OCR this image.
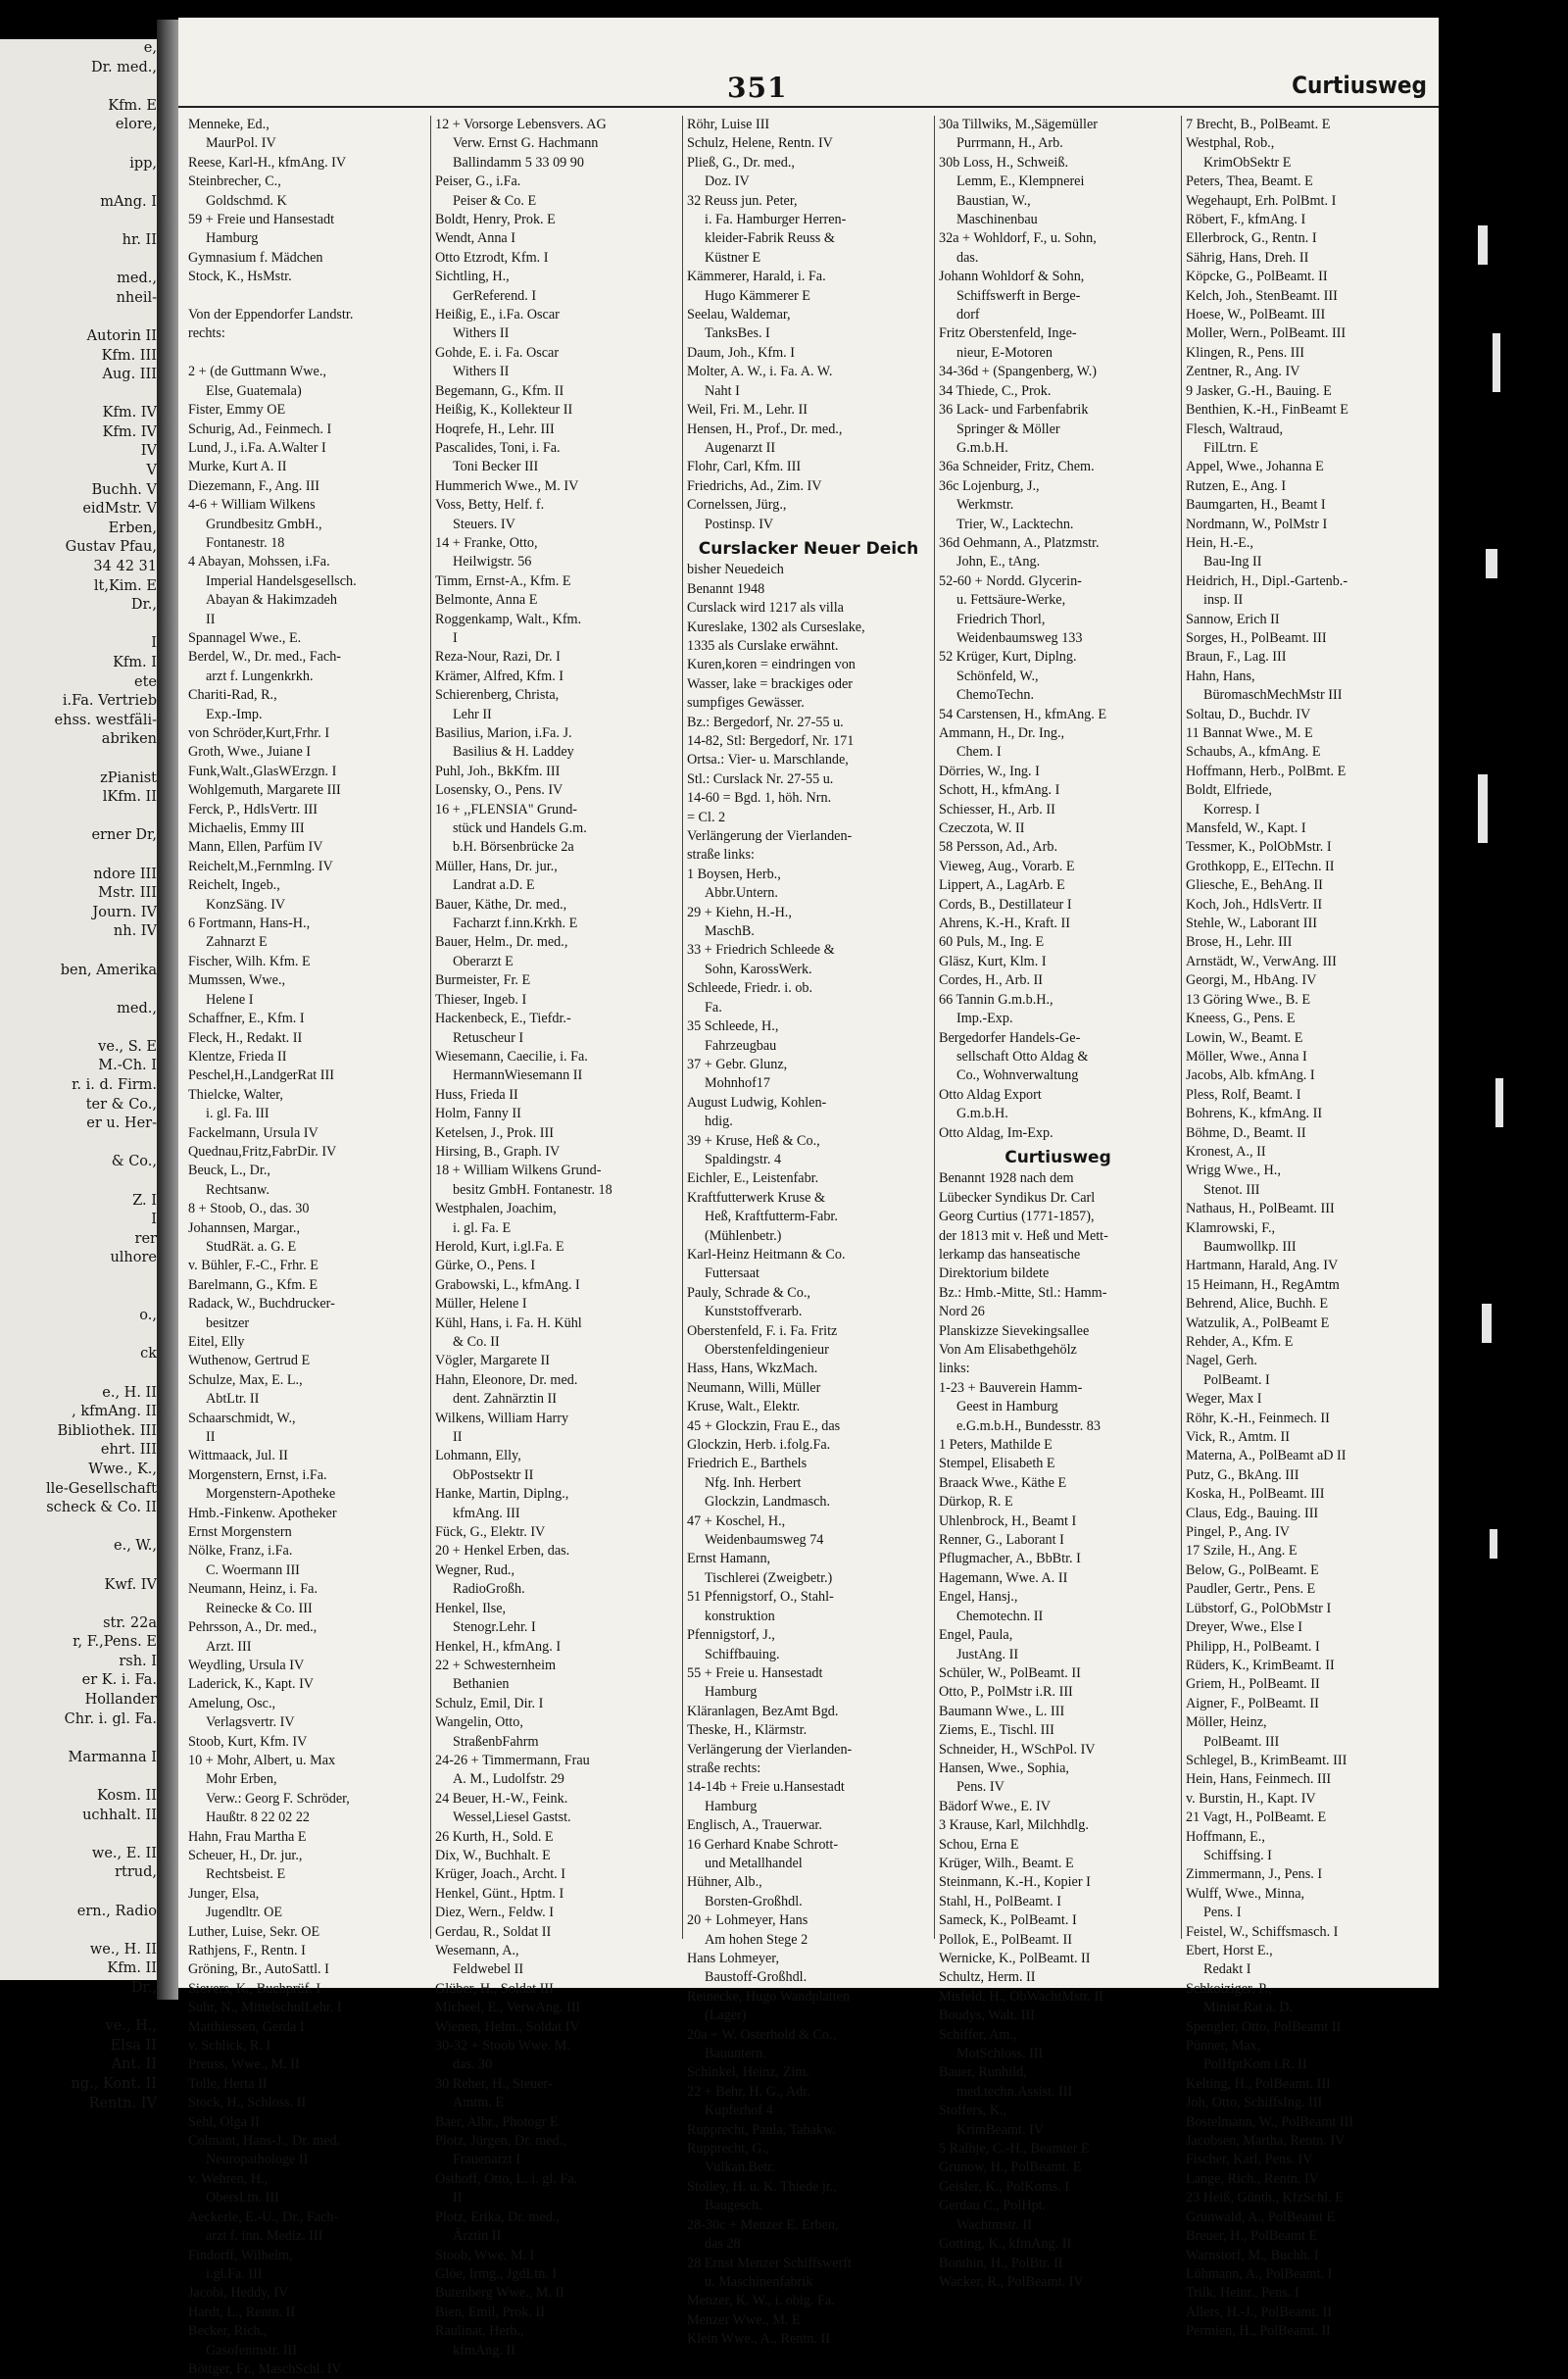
e,
Dr. med.,

Kfm. E
elore,

ipp,

mAng. I

hr. II

med.,
nheil-

Autorin II
Kfm. III
Aug. III

Kfm. IV
Kfm. IV
IV
V
Buchh. V
eidMstr. V
Erben,
Gustav Pfau,
34 42 31
lt,Kim. E
Dr.,

I
Kfm. I
ete
i.Fa. Vertrieb
ehss. westfäli-
abriken

zPianist
lKfm. II

erner Dr,

ndore III
Mstr. III
Journ. IV
nh. IV

ben, Amerika

med.,

ve., S. E
M.-Ch. I
r. i. d. Firm.
ter & Co.,
er u. Her-

& Co.,

Z. I
I
rer
ulhore

o.,

ck

e., H. II
, kfmAng. II
Bibliothek. III
ehrt. III
Wwe., K.,
lle-Gesellschaft
scheck & Co. II

e., W.,

Kwf. IV

str. 22a
r, F.,Pens. E
rsh. I
er K. i. Fa.
Hollander
Chr. i. gl. Fa.

Marmanna I

Kosm. II
uchhalt. II

we., E. II
rtrud,

ern., Radio

we., H. II
Kfm. II
Dr.,

ve., H.,
Elsa II
Ant. II
ng., Kont. II
Rentn. IV
351	Curtiusweg
Menneke, Ed.,
MaurPol. IV
Reese, Karl-H., kfmAng. IV
Steinbrecher, C.,
Goldschmd. K
59 + Freie und Hansestadt
Hamburg
Gymnasium f. Mädchen
Stock, K., HsMstr.

Von der Eppendorfer Landstr.
rechts:

2 + (de Guttmann Wwe.,
Else, Guatemala)
Fister, Emmy OE
Schurig, Ad., Feinmech. I
Lund, J., i.Fa. A.Walter I
Murke, Kurt A. II
Diezemann, F., Ang. III
4-6 + William Wilkens
Grundbesitz GmbH.,
Fontanestr. 18
4 Abayan, Mohssen, i.Fa.
Imperial Handelsgesellsch.
Abayan & Hakimzadeh
II
Spannagel Wwe., E.
Berdel, W., Dr. med., Fach-
arzt f. Lungenkrkh.
Chariti-Rad, R.,
Exp.-Imp.
von Schröder,Kurt,Frhr. I
Groth, Wwe., Juiane I
Funk,Walt.,GlasWErzgn. I
Wohlgemuth, Margarete III
Ferck, P., HdlsVertr. III
Michaelis, Emmy III
Mann, Ellen, Parfüm IV
Reichelt,M.,Fernmlng. IV
Reichelt, Ingeb.,
KonzSäng. IV
6 Fortmann, Hans-H.,
Zahnarzt E
Fischer, Wilh. Kfm. E
Mumssen, Wwe.,
Helene I
Schaffner, E., Kfm. I
Fleck, H., Redakt. II
Klentze, Frieda II
Peschel,H.,LandgerRat III
Thielcke, Walter,
i. gl. Fa. III
Fackelmann, Ursula IV
Quednau,Fritz,FabrDir. IV
Beuck, L., Dr.,
Rechtsanw.
8 + Stoob, O., das. 30
Johannsen, Margar.,
StudRät. a. G. E
v. Bühler, F.-C., Frhr. E
Barelmann, G., Kfm. E
Radack, W., Buchdrucker-
besitzer
Eitel, Elly
Wuthenow, Gertrud E
Schulze, Max, E. L.,
AbtLtr. II
Schaarschmidt, W.,
II
Wittmaack, Jul. II
Morgenstern, Ernst, i.Fa.
Morgenstern-Apotheke
Hmb.-Finkenw. Apotheker
Ernst Morgenstern
Nölke, Franz, i.Fa.
C. Woermann III
Neumann, Heinz, i. Fa.
Reinecke & Co. III
Pehrsson, A., Dr. med.,
Arzt. III
Weydling, Ursula IV
Laderick, K., Kapt. IV
Amelung, Osc.,
Verlagsvertr. IV
Stoob, Kurt, Kfm. IV
10 + Mohr, Albert, u. Max
Mohr Erben,
Verw.: Georg F. Schröder,
Haußtr. 8 22 02 22
Hahn, Frau Martha E
Scheuer, H., Dr. jur.,
Rechtsbeist. E
Junger, Elsa,
Jugendltr. OE
Luther, Luise, Sekr. OE
Rathjens, F., Rentn. I
Gröning, Br., AutoSattl. I
Sievers, K., Buchprüf. I
Suhr, N., MittelschulLehr. I
Matthiessen, Gerda I
v. Schlick, R. I
Preuss, Wwe., M. II
Tolle, Herta II
Stock, H., Schloss. II
Sehl, Olga II
Colmant, Hans-J., Dr. med.
Neuropathologe II
v. Wehren, H.,
ObersLtn. III
Aeckerle, E.-U., Dr., Fach-
arzt f. inn. Mediz. III
Findorff, Wilhelm,
i.gl.Fa. III
Jacobi, Heddy, IV
Hardt, L., Rentn. II
Becker, Rich.,
Gasofenmstr. III
Böttger, Fr., MaschSchl. IV
12 + Vorsorge Lebensvers. AG
Verw. Ernst G. Hachmann
Ballindamm 5 33 09 90
Peiser, G., i.Fa.
Peiser & Co. E
Boldt, Henry, Prok. E
Wendt, Anna I
Otto Etzrodt, Kfm. I
Sichtling, H.,
GerReferend. I
Heißig, E., i.Fa. Oscar
Withers II
Gohde, E. i. Fa. Oscar
Withers II
Begemann, G., Kfm. II
Heißig, K., Kollekteur II
Hoqrefe, H., Lehr. III
Pascalides, Toni, i. Fa.
Toni Becker III
Hummerich Wwe., M. IV
Voss, Betty, Helf. f.
Steuers. IV
14 + Franke, Otto,
Heilwigstr. 56
Timm, Ernst-A., Kfm. E
Belmonte, Anna E
Roggenkamp, Walt., Kfm.
I
Reza-Nour, Razi, Dr. I
Krämer, Alfred, Kfm. I
Schierenberg, Christa,
Lehr II
Basilius, Marion, i.Fa. J.
Basilius & H. Laddey
Puhl, Joh., BkKfm. III
Losensky, O., Pens. IV
16 + ,,FLENSIA" Grund-
stück und Handels G.m.
b.H. Börsenbrücke 2a
Müller, Hans, Dr. jur.,
Landrat a.D. E
Bauer, Käthe, Dr. med.,
Facharzt f.inn.Krkh. E
Bauer, Helm., Dr. med.,
Oberarzt E
Burmeister, Fr. E
Thieser, Ingeb. I
Hackenbeck, E., Tiefdr.-
Retuscheur I
Wiesemann, Caecilie, i. Fa.
HermannWiesemann II
Huss, Frieda II
Holm, Fanny II
Ketelsen, J., Prok. III
Hirsing, B., Graph. IV
18 + William Wilkens Grund-
besitz GmbH. Fontanestr. 18
Westphalen, Joachim,
i. gl. Fa. E
Herold, Kurt, i.gl.Fa. E
Gürke, O., Pens. I
Grabowski, L., kfmAng. I
Müller, Helene I
Kühl, Hans, i. Fa. H. Kühl
& Co. II
Vögler, Margarete II
Hahn, Eleonore, Dr. med.
dent. Zahnärztin II
Wilkens, William Harry
II
Lohmann, Elly,
ObPostsektr II
Hanke, Martin, Diplng.,
kfmAng. III
Fück, G., Elektr. IV
20 + Henkel Erben, das.
Wegner, Rud.,
RadioGroßh.
Henkel, Ilse,
Stenogr.Lehr. I
Henkel, H., kfmAng. I
22 + Schwesternheim
Bethanien
Schulz, Emil, Dir. I
Wangelin, Otto,
StraßenbFahrm
24-26 + Timmermann, Frau
A. M., Ludolfstr. 29
24 Beuer, H.-W., Feink.
Wessel,Liesel Gastst.
26 Kurth, H., Sold. E
Dix, W., Buchhalt. E
Krüger, Joach., Archt. I
Henkel, Günt., Hptm. I
Diez, Wern., Feldw. I
Gerdau, R., Soldat II
Wesemann, A.,
Feldwebel II
Glüber, H., Soldat III
Micheel, E., VerwAng. III
Wienen, Helm., Soldat IV
30-32 + Stoob Wwe. M.
das. 30
30 Reher, H., Steuer-
Amtm. E
Baer, Albr., Photogr E
Plotz, Jürgen, Dr. med.,
Frauenarzt I
Osthoff, Otto, L. i. gl. Fa.
II
Plotz, Erika, Dr. med.,
Ärztin II
Stoob, Wwe. M. I
Glöe, Irmg., JgdLtn. I
Butenberg Wwe., M. II
Bien, Emil, Prok. II
Raulinat, Herb.,
kfmAng. II
Röhr, Luise III
Schulz, Helene, Rentn. IV
Pließ, G., Dr. med.,
Doz. IV
32 Reuss jun. Peter,
i. Fa. Hamburger Herren-
kleider-Fabrik Reuss &
Küstner E
Kämmerer, Harald, i. Fa.
Hugo Kämmerer E
Seelau, Waldemar,
TanksBes. I
Daum, Joh., Kfm. I
Molter, A. W., i. Fa. A. W.
Naht I
Weil, Fri. M., Lehr. II
Hensen, H., Prof., Dr. med.,
Augenarzt II
Flohr, Carl, Kfm. III
Friedrichs, Ad., Zim. IV
Cornelssen, Jürg.,
Postinsp. IV
Curslacker Neuer Deich
bisher Neuedeich
Benannt 1948
Curslack wird 1217 als villa
Kureslake, 1302 als Curseslake,
1335 als Curslake erwähnt.
Kuren,koren = eindringen von
Wasser, lake = brackiges oder
sumpfiges Gewässer.
Bz.: Bergedorf, Nr. 27-55 u.
14-82, Stl: Bergedorf, Nr. 171
Ortsa.: Vier- u. Marschlande,
Stl.: Curslack Nr. 27-55 u.
14-60 = Bgd. 1, höh. Nrn.
= Cl. 2
Verlängerung der Vierlanden-
straße links:
1 Boysen, Herb.,
Abbr.Untern.
29 + Kiehn, H.-H.,
MaschB.
33 + Friedrich Schleede &
Sohn, KarossWerk.
Schleede, Friedr. i. ob.
Fa.
35 Schleede, H.,
Fahrzeugbau
37 + Gebr. Glunz,
Mohnhof17
August Ludwig, Kohlen-
hdig.
39 + Kruse, Heß & Co.,
Spaldingstr. 4
Eichler, E., Leistenfabr.
Kraftfutterwerk Kruse &
Heß, Kraftfutterm-Fabr.
(Mühlenbetr.)
Karl-Heinz Heitmann & Co.
Futtersaat
Pauly, Schrade & Co.,
Kunststoffverarb.
Oberstenfeld, F. i. Fa. Fritz
Oberstenfeldingenieur
Hass, Hans, WkzMach.
Neumann, Willi, Müller
Kruse, Walt., Elektr.
45 + Glockzin, Frau E., das
Glockzin, Herb. i.folg.Fa.
Friedrich E., Barthels
Nfg. Inh. Herbert
Glockzin, Landmasch.
47 + Koschel, H.,
Weidenbaumsweg 74
Ernst Hamann,
Tischlerei (Zweigbetr.)
51 Pfennigstorf, O., Stahl-
konstruktion
Pfennigstorf, J.,
Schiffbauing.
55 + Freie u. Hansestadt
Hamburg
Kläranlagen, BezAmt Bgd.
Theske, H., Klärmstr.
Verlängerung der Vierlanden-
straße rechts:
14-14b + Freie u.Hansestadt
Hamburg
Englisch, A., Trauerwar.
16 Gerhard Knabe Schrott-
und Metallhandel
Hühner, Alb.,
Borsten-Großhdl.
20 + Lohmeyer, Hans
Am hohen Stege 2
Hans Lohmeyer,
Baustoff-Großhdl.
Reinecke, Hugo Wandplatten
(Lager)
20a + W. Osterhold & Co.,
Bauuntern.
Schinkel, Heinz, Zim.
22 + Behr, H. G., Adr.
Kupferhof 4
Rupprecht, Paula, Tabakw.
Rupprecht, G.,
Vulkan.Betr.
Stolley, H. u. K. Thiede jr.,
Baugesch.
28-30c + Menzer E. Erben,
das 28
28 Ernst Menzer Schiffswerft
u. Maschinenfabrik
Menzer, K. W., i. obig. Fa.
Menzer Wwe., M. E
Klein Wwe., A., Rentn. II
30a Tillwiks, M.,Sägemüller
Purrmann, H., Arb.
30b Loss, H., Schweiß.
Lemm, E., Klempnerei
Baustian, W.,
Maschinenbau
32a + Wohldorf, F., u. Sohn,
das.
Johann Wohldorf & Sohn,
Schiffswerft in Berge-
dorf
Fritz Oberstenfeld, Inge-
nieur, E-Motoren
34-36d + (Spangenberg, W.)
34 Thiede, C., Prok.
36 Lack- und Farbenfabrik
Springer & Möller
G.m.b.H.
36a Schneider, Fritz, Chem.
36c Lojenburg, J.,
Werkmstr.
Trier, W., Lacktechn.
36d Oehmann, A., Platzmstr.
John, E., tAng.
52-60 + Nordd. Glycerin-
u. Fettsäure-Werke,
Friedrich Thorl,
Weidenbaumsweg 133
52 Krüger, Kurt, Diplng.
Schönfeld, W.,
ChemoTechn.
54 Carstensen, H., kfmAng. E
Ammann, H., Dr. Ing.,
Chem. I
Dörries, W., Ing. I
Schott, H., kfmAng. I
Schiesser, H., Arb. II
Czeczota, W. II
58 Persson, Ad., Arb.
Vieweg, Aug., Vorarb. E
Lippert, A., LagArb. E
Cords, B., Destillateur I
Ahrens, K.-H., Kraft. II
60 Puls, M., Ing. E
Gläsz, Kurt, Klm. I
Cordes, H., Arb. II
66 Tannin G.m.b.H.,
Imp.-Exp.
Bergedorfer Handels-Ge-
sellschaft Otto Aldag &
Co., Wohnverwaltung
Otto Aldag Export
G.m.b.H.
Otto Aldag, Im-Exp.
Curtiusweg
Benannt 1928 nach dem
Lübecker Syndikus Dr. Carl
Georg Curtius (1771-1857),
der 1813 mit v. Heß und Mett-
lerkamp das hanseatische
Direktorium bildete
Bz.: Hmb.-Mitte, Stl.: Hamm-
Nord 26
Planskizze Sievekingsallee
Von Am Elisabethgehölz
links:
1-23 + Bauverein Hamm-
Geest in Hamburg
e.G.m.b.H., Bundesstr. 83
1 Peters, Mathilde E
Stempel, Elisabeth E
Braack Wwe., Käthe E
Dürkop, R. E
Uhlenbrock, H., Beamt I
Renner, G., Laborant I
Pflugmacher, A., BbBtr. I
Hagemann, Wwe. A. II
Engel, Hansj.,
Chemotechn. II
Engel, Paula,
JustAng. II
Schüler, W., PolBeamt. II
Otto, P., PolMstr i.R. III
Baumann Wwe., L. III
Ziems, E., Tischl. III
Schneider, H., WSchPol. IV
Hansen, Wwe., Sophia,
Pens. IV
Bädorf Wwe., E. IV
3 Krause, Karl, Milchhdlg.
Schou, Erna E
Krüger, Wilh., Beamt. E
Steinmann, K.-H., Kopier I
Stahl, H., PolBeamt. I
Sameck, K., PolBeamt. I
Pollok, E., PolBeamt. II
Wernicke, K., PolBeamt. II
Schultz, Herm. II
Misfeld, H., ObWachtMstr. II
Boudys, Walt. III
Schiffer, Am.,
MotSchloss. III
Bauer, Runhild,
med.techn.Assist. III
Stoffers, K.,
KrimBeamt. IV
5 Ralhje, C.-H., Beamter E
Grunow, H., PolBeamt. E
Geisler, K., PolKoms. I
Gerdau C., PolHpt.
Wachtmstr. II
Gotting, K., kfmAng. II
Bonthin, H., PolBtr. II
Wacker, R., PolBeamt. IV
7 Brecht, B., PolBeamt. E
Westphal, Rob.,
KrimObSektr E
Peters, Thea, Beamt. E
Wegehaupt, Erh. PolBmt. I
Röbert, F., kfmAng. I
Ellerbrock, G., Rentn. I
Sährig, Hans, Dreh. II
Köpcke, G., PolBeamt. II
Kelch, Joh., StenBeamt. III
Hoese, W., PolBeamt. III
Moller, Wern., PolBeamt. III
Klingen, R., Pens. III
Zentner, R., Ang. IV
9 Jasker, G.-H., Bauing. E
Benthien, K.-H., FinBeamt E
Flesch, Waltraud,
FilLtrn. E
Appel, Wwe., Johanna E
Rutzen, E., Ang. I
Baumgarten, H., Beamt I
Nordmann, W., PolMstr I
Hein, H.-E.,
Bau-Ing II
Heidrich, H., Dipl.-Gartenb.-
insp. II
Sannow, Erich II
Sorges, H., PolBeamt. III
Braun, F., Lag. III
Hahn, Hans,
BüromaschMechMstr III
Soltau, D., Buchdr. IV
11 Bannat Wwe., M. E
Schaubs, A., kfmAng. E
Hoffmann, Herb., PolBmt. E
Boldt, Elfriede,
Korresp. I
Mansfeld, W., Kapt. I
Tessmer, K., PolObMstr. I
Grothkopp, E., ElTechn. II
Gliesche, E., BehAng. II
Koch, Joh., HdlsVertr. II
Stehle, W., Laborant III
Brose, H., Lehr. III
Arnstädt, W., VerwAng. III
Georgi, M., HbAng. IV
13 Göring Wwe., B. E
Kneess, G., Pens. E
Lowin, W., Beamt. E
Möller, Wwe., Anna I
Jacobs, Alb. kfmAng. I
Pless, Rolf, Beamt. I
Bohrens, K., kfmAng. II
Böhme, D., Beamt. II
Kronest, A., II
Wrigg Wwe., H.,
Stenot. III
Nathaus, H., PolBeamt. III
Klamrowski, F.,
Baumwollkp. III
Hartmann, Harald, Ang. IV
15 Heimann, H., RegAmtm
Behrend, Alice, Buchh. E
Watzulik, A., PolBeamt E
Rehder, A., Kfm. E
Nagel, Gerh.
PolBeamt. I
Weger, Max I
Röhr, K.-H., Feinmech. II
Vick, R., Amtm. II
Materna, A., PolBeamt aD II
Putz, G., BkAng. III
Koska, H., PolBeamt. III
Claus, Edg., Bauing. III
Pingel, P., Ang. IV
17 Szile, H., Ang. E
Below, G., PolBeamt. E
Paudler, Gertr., Pens. E
Lübstorf, G., PolObMstr I
Dreyer, Wwe., Else I
Philipp, H., PolBeamt. I
Rüders, K., KrimBeamt. II
Griem, H., PolBeamt. II
Aigner, F., PolBeamt. II
Möller, Heinz,
PolBeamt. III
Schlegel, B., KrimBeamt. III
Hein, Hans, Feinmech. III
v. Burstin, H., Kapt. IV
21 Vagt, H., PolBeamt. E
Hoffmann, E.,
Schiffsing. I
Zimmermann, J., Pens. I
Wulff, Wwe., Minna,
Pens. I
Feistel, W., Schiffsmasch. I
Ebert, Horst E.,
Redakt I
Schkoiziger, P.,
Minist.Rat a. D.
Spengler, Otto, PolBeamt II
Pünner, Max,
PolHptKom i.R. II
Kelting, H., PolBeamt. III
Joh, Otto, SchiffsIng. III
Bostelmann, W., PolBeamt III
Jacobsen, Martha, Rentn. IV
Fischer, Karl, Pens. IV
Lange, Rich., Rentn. IV
23 Heiß, Günth., KfzSchl. E
Grunwald, A., PolBeamt E
Breuer, H., PolBeamt E
Warnstorf, M., Buchh. I
Lühmann, A., PolBeamt. I
Trilk, Heinr., Pens. I
Allers, H.-J., PolBeamt. II
Permien, H., PolBeamt. II
